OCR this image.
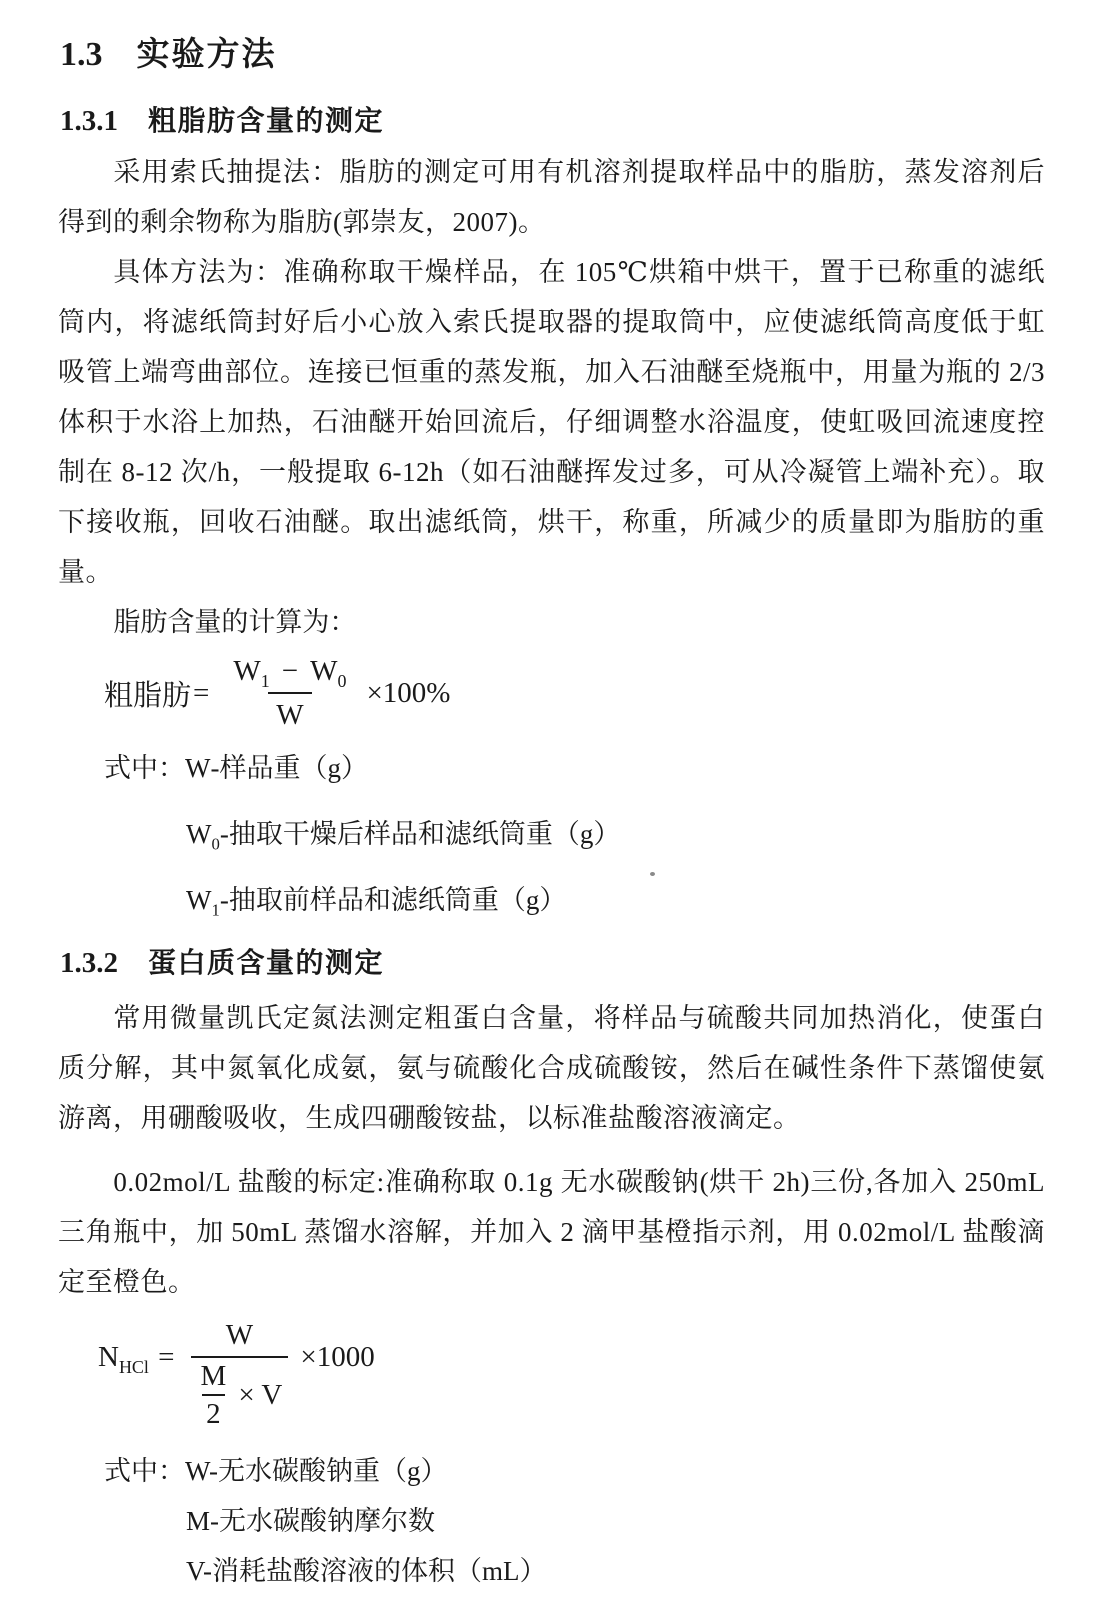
1.3 实验方法
1.3.1 粗脂肪含量的测定

采用索氏抽提法：脂肪的测定可用有机溶剂提取样品中的脂肪，蒸发溶剂后得到的剩余物称为脂肪(郭崇友，2007)。

具体方法为：准确称取干燥样品，在 105℃烘箱中烘干，置于已称重的滤纸筒内，将滤纸筒封好后小心放入索氏提取器的提取筒中，应使滤纸筒高度低于虹吸管上端弯曲部位。连接已恒重的蒸发瓶，加入石油醚至烧瓶中，用量为瓶的 2/3 体积于水浴上加热，石油醚开始回流后，仔细调整水浴温度，使虹吸回流速度控制在 8-12 次/h，一般提取 6-12h（如石油醚挥发过多，可从冷凝管上端补充）。取下接收瓶，回收石油醚。取出滤纸筒，烘干，称重，所减少的质量即为脂肪的重量。

脂肪含量的计算为：

粗脂肪 = $\frac{W_1 - W_0}{W} \times 100\%$
式中：W-样品重（g）
$W_0-$抽取干燥后样品和滤纸筒重（g）
$W_1-$抽取前样品和滤纸筒重（g）
1.3.2 蛋白质含量的测定

常用微量凯氏定氮法测定粗蛋白含量，将样品与硫酸共同加热消化，使蛋白质分解，其中氮氧化成氨，氨与硫酸化合成硫酸铵，然后在碱性条件下蒸馏使氨游离，用硼酸吸收，生成四硼酸铵盐，以标准盐酸溶液滴定。

0.02mol/L 盐酸的标定:准确称取 0.1g 无水碳酸钠(烘干 2h)三份,各加入 250mL 三角瓶中，加 50mL 蒸馏水溶解，并加入 2 滴甲基橙指示剂，用 0.02mol/L 盐酸滴定至橙色。

$N_{HCl} = \frac{W}{\frac{M}{2} \times V} \times 1000$
式中：W-无水碳酸钠重（g）
M-无水碳酸钠摩尔数
V-消耗盐酸溶液的体积（mL）
